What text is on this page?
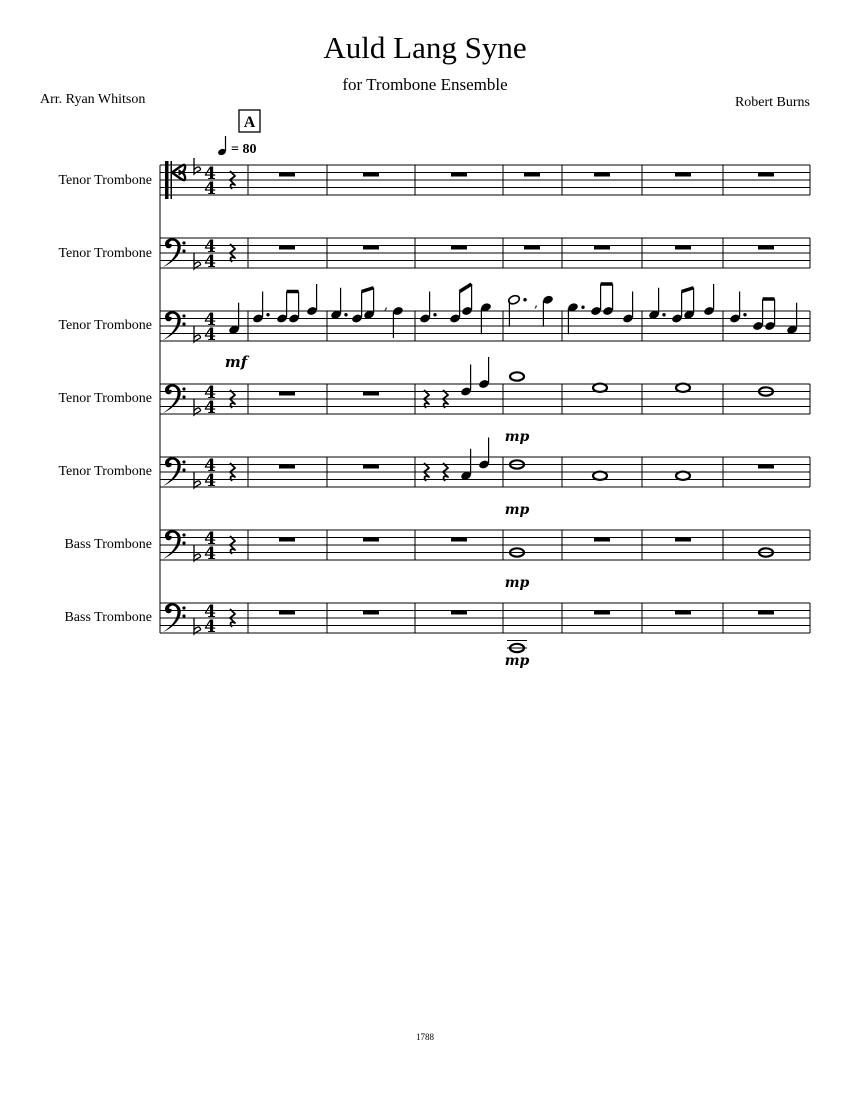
Auld Lang Syne
for Trombone Ensemble
Arr. Ryan Whitson	Robert Burns
Tenor Trombone
Tenor Trombone
Tenor Trombone
Tenor Trombone
Tenor Trombone
Bass Trombone
Bass Trombone
A
= 80
mf
mp
mp
mp
mp
4
4
4
4
4
4
4
4
4
4
4
4
4
4
,	,
1788
